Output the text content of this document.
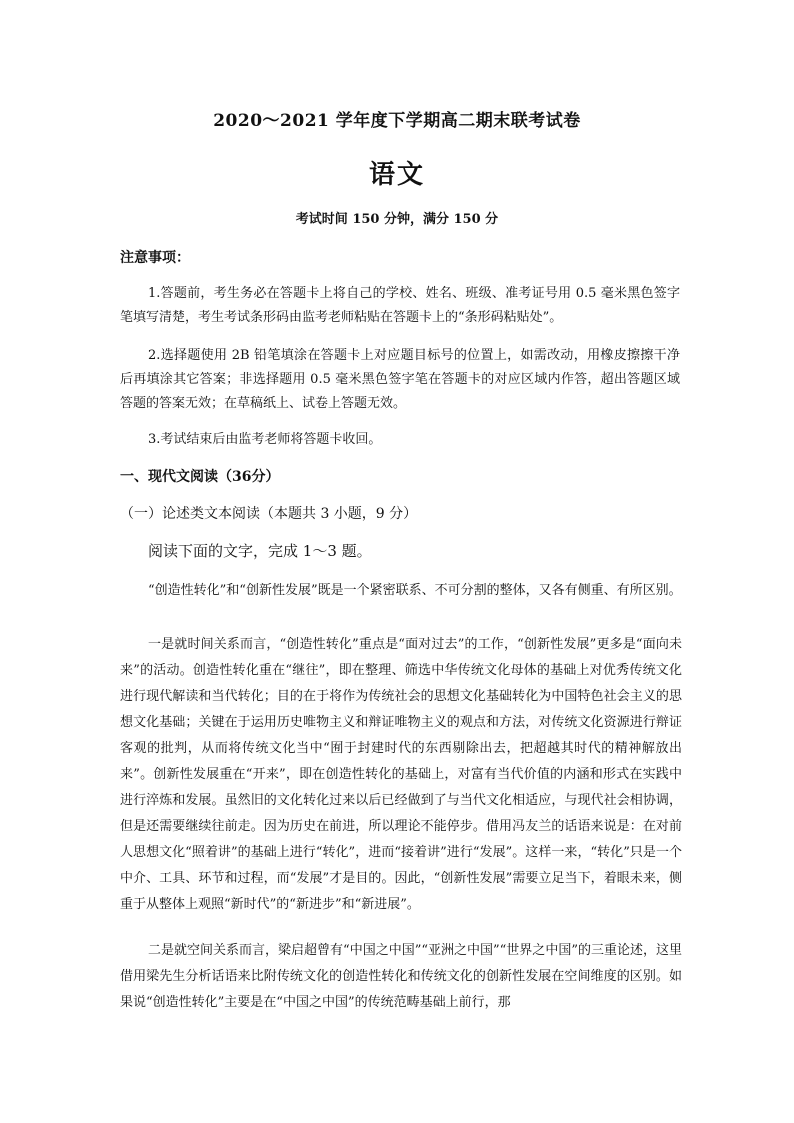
2020～2021 学年度下学期高二期末联考试卷
语文
考试时间 150 分钟，满分 150 分
注意事项：
1.答题前，考生务必在答题卡上将自己的学校、姓名、班级、准考证号用 0.5 毫米黑色签字笔填写清楚，考生考试条形码由监考老师粘贴在答题卡上的“条形码粘贴处”。
2.选择题使用 2B 铅笔填涂在答题卡上对应题目标号的位置上，如需改动，用橡皮擦擦干净后再填涂其它答案；非选择题用 0.5 毫米黑色签字笔在答题卡的对应区域内作答，超出答题区域答题的答案无效；在草稿纸上、试卷上答题无效。
3.考试结束后由监考老师将答题卡收回。
一、现代文阅读（36分）
（一）论述类文本阅读（本题共 3 小题，9 分）
阅读下面的文字，完成 1～3 题。
“创造性转化”和“创新性发展”既是一个紧密联系、不可分割的整体，又各有侧重、有所区别。
一是就时间关系而言，“创造性转化”重点是“面对过去”的工作，“创新性发展”更多是“面向未来”的活动。创造性转化重在“继往”，即在整理、筛选中华传统文化母体的基础上对优秀传统文化进行现代解读和当代转化；目的在于将作为传统社会的思想文化基础转化为中国特色社会主义的思想文化基础；关键在于运用历史唯物主义和辩证唯物主义的观点和方法，对传统文化资源进行辩证客观的批判，从而将传统文化当中“囿于封建时代的东西剔除出去，把超越其时代的精神解放出来”。创新性发展重在“开来”，即在创造性转化的基础上，对富有当代价值的内涵和形式在实践中进行淬炼和发展。虽然旧的文化转化过来以后已经做到了与当代文化相适应，与现代社会相协调，但是还需要继续往前走。因为历史在前进，所以理论不能停步。借用冯友兰的话语来说是：在对前人思想文化“照着讲”的基础上进行“转化”，进而“接着讲”进行“发展”。这样一来，“转化”只是一个中介、工具、环节和过程，而“发展”才是目的。因此，“创新性发展”需要立足当下，着眼未来，侧重于从整体上观照“新时代”的“新进步”和“新进展”。
二是就空间关系而言，梁启超曾有“中国之中国”“亚洲之中国”“世界之中国”的三重论述，这里借用梁先生分析话语来比附传统文化的创造性转化和传统文化的创新性发展在空间维度的区别。如果说“创造性转化”主要是在“中国之中国”的传统范畴基础上前行，那
